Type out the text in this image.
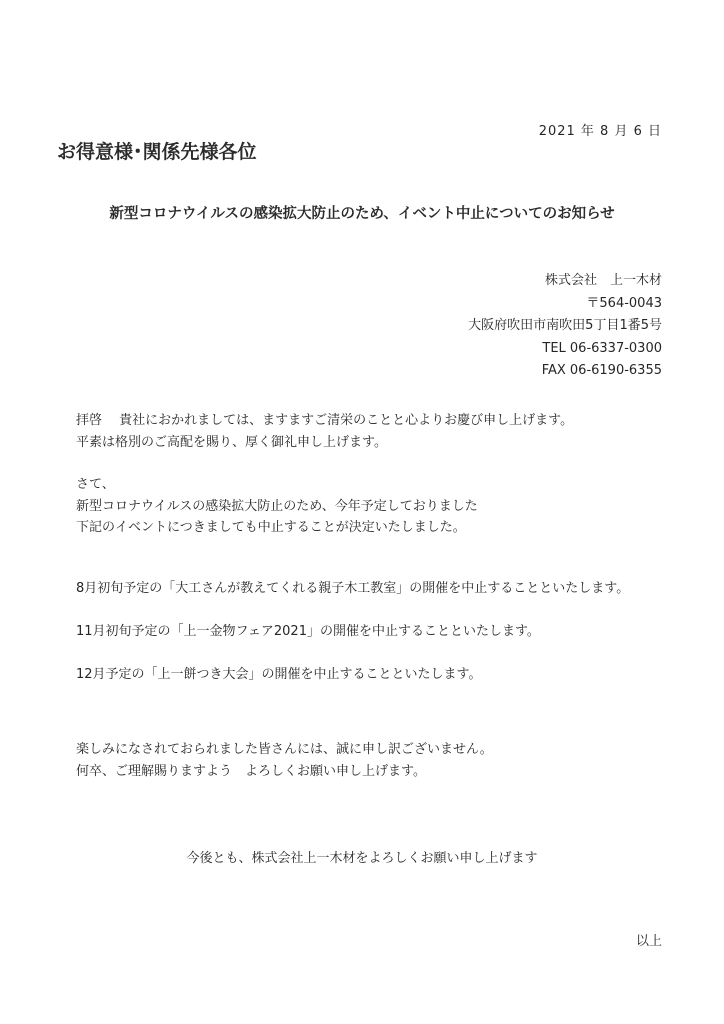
2021 年 8 月 6 日
お得意様･関係先様各位
新型コロナウイルスの感染拡大防止のため、イベント中止についてのお知らせ
株式会社　上一木材
〒564-0043
大阪府吹田市南吹田5丁目1番5号
TEL 06-6337-0300
FAX 06-6190-6355
拝啓　 貴社におかれましては、ますますご清栄のことと心よりお慶び申し上げます。
平素は格別のご高配を賜り、厚く御礼申し上げます。
さて、
新型コロナウイルスの感染拡大防止のため、今年予定しておりました
下記のイベントにつきましても中止することが決定いたしました。
8月初旬予定の「大工さんが教えてくれる親子木工教室」の開催を中止することといたします。
11月初旬予定の「上一金物フェア2021」の開催を中止することといたします。
12月予定の「上一餅つき大会」の開催を中止することといたします。
楽しみになされておられました皆さんには、誠に申し訳ございません。
何卒、ご理解賜りますよう　よろしくお願い申し上げます。
今後とも、株式会社上一木材をよろしくお願い申し上げます
以上
